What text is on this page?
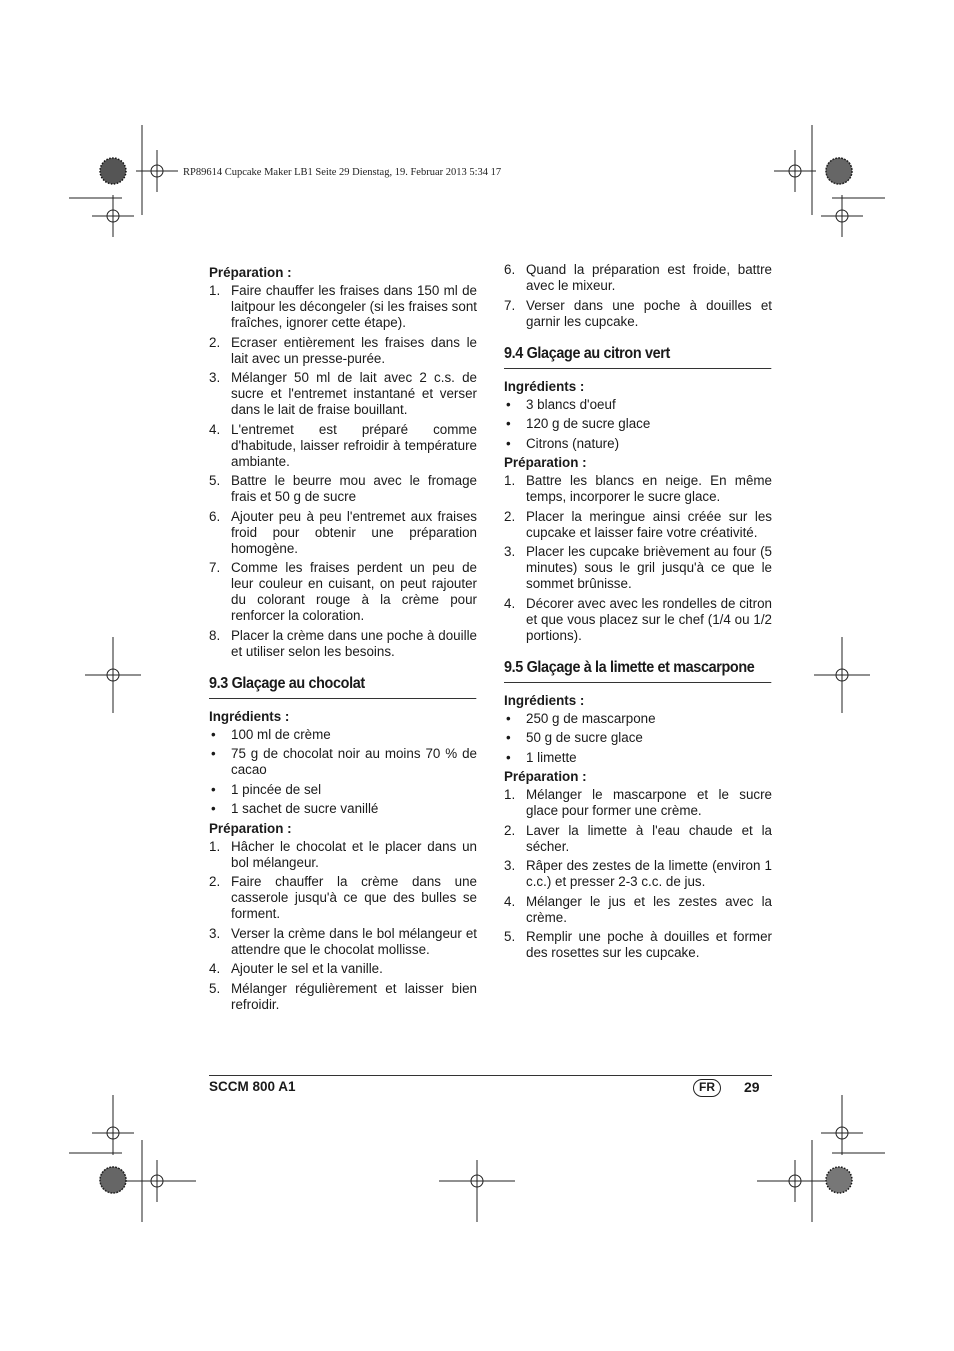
RP89614 Cupcake Maker LB1 Seite 29 Dienstag, 19. Februar 2013 5:34 17
Préparation :
1. Faire chauffer les fraises dans 150 ml de laitpour les décongeler (si les fraises sont fraîches, ignorer cette étape).
2. Ecraser entièrement les fraises dans le lait avec un presse-purée.
3. Mélanger 50 ml de lait avec 2 c.s. de sucre et l'entremet instantané et verser dans le lait de fraise bouillant.
4. L'entremet est préparé comme d'habitude, laisser refroidir à température ambiante.
5. Battre le beurre mou avec le fromage frais et 50 g de sucre
6. Ajouter peu à peu l'entremet aux fraises froid pour obtenir une préparation homogène.
7. Comme les fraises perdent un peu de leur couleur en cuisant, on peut rajouter du colorant rouge à la crème pour renforcer la coloration.
8. Placer la crème dans une poche à douille et utiliser selon les besoins.
9.3 Glaçage au chocolat
Ingrédients :
•	100 ml de crème
•	75 g de chocolat noir au moins 70 % de cacao
•	1 pincée de sel
•	1 sachet de sucre vanillé
Préparation :
1. Hâcher le chocolat et le placer dans un bol mélangeur.
2. Faire chauffer la crème dans une casserole jusqu'à ce que des bulles se forment.
3. Verser la crème dans le bol mélangeur et attendre que le chocolat mollisse.
4. Ajouter le sel et la vanille.
5. Mélanger régulièrement et laisser bien refroidir.
6. Quand la préparation est froide, battre avec le mixeur.
7. Verser dans une poche à douilles et garnir les cupcake.
9.4 Glaçage au citron vert
Ingrédients :
•	3 blancs d'oeuf
•	120 g de sucre glace
•	Citrons (nature)
Préparation :
1. Battre les blancs en neige. En même temps, incorporer le sucre glace.
2. Placer la meringue ainsi créée sur les cupcake et laisser faire votre créativité.
3. Placer les cupcake brièvement au four (5 minutes) sous le gril jusqu'à ce que le sommet brûnisse.
4. Décorer avec avec les rondelles de citron et que vous placez sur le chef (1/4 ou 1/2 portions).
9.5 Glaçage à la limette et mascarpone
Ingrédients :
•	250 g de mascarpone
•	50 g de sucre glace
•	1 limette
Préparation :
1. Mélanger le mascarpone et le sucre glace pour former une crème.
2. Laver la limette à l'eau chaude et la sécher.
3. Râper des zestes de la limette (environ 1 c.c.) et presser 2-3 c.c. de jus.
4. Mélanger le jus et les zestes avec la crème.
5. Remplir une poche à douilles et former des rosettes sur les cupcake.
SCCM 800 A1	FR	29
